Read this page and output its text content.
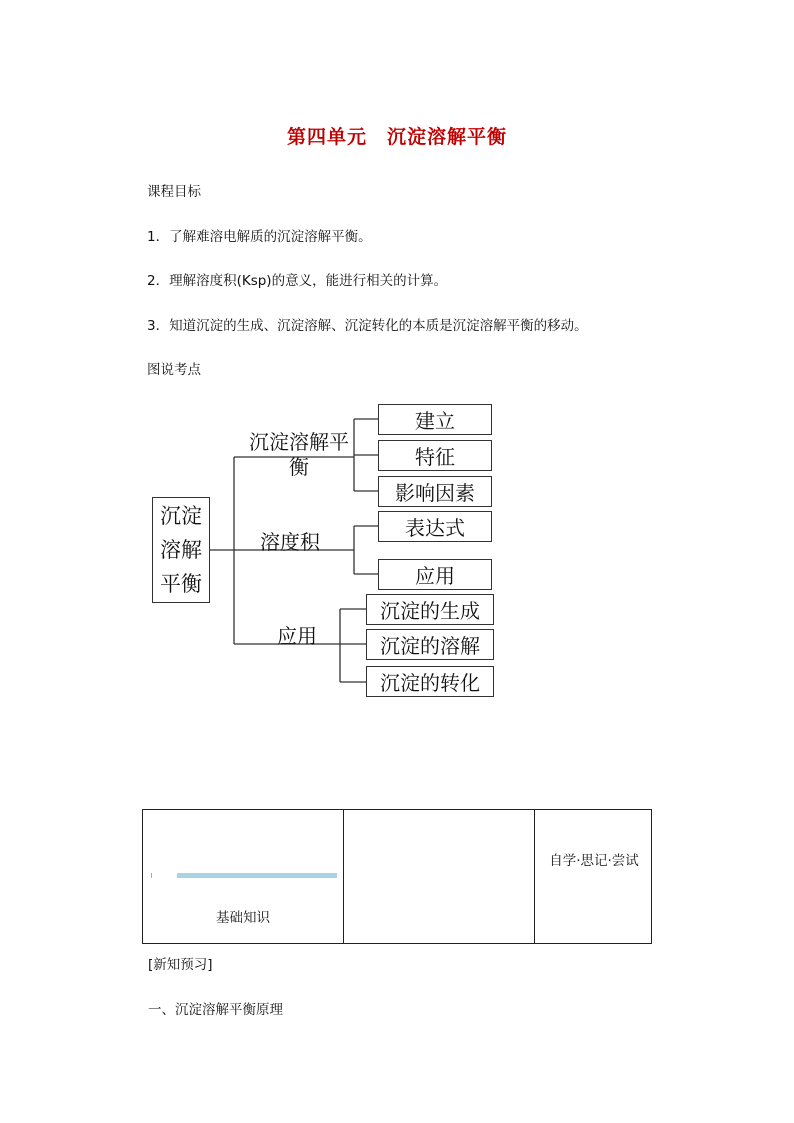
第四单元　沉淀溶解平衡
课程目标
1．了解难溶电解质的沉淀溶解平衡。
2．理解溶度积(Ksp)的意义，能进行相关的计算。
3．知道沉淀的生成、沉淀溶解、沉淀转化的本质是沉淀溶解平衡的移动。
图说考点
沉淀溶解平衡
沉淀溶解平衡
溶度积
应用
建立
特征
影响因素
表达式
应用
沉淀的生成
沉淀的溶解
沉淀的转化
基础知识
自学·思记·尝试
[新知预习]
一、沉淀溶解平衡原理
